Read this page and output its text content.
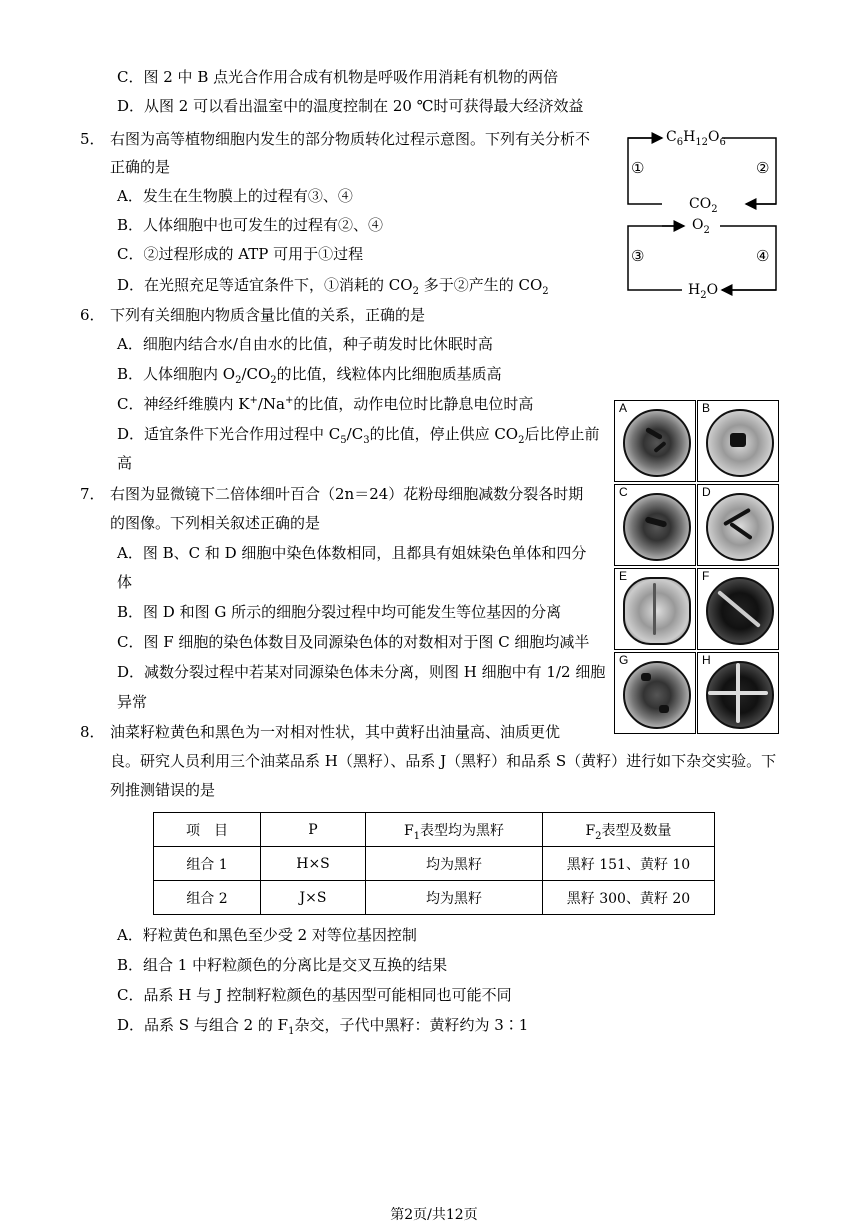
C．图 2 中 B 点光合作用合成有机物是呼吸作用消耗有机物的两倍
D．从图 2 可以看出温室中的温度控制在 20 ℃时可获得最大经济效益
5． 右图为高等植物细胞内发生的部分物质转化过程示意图。下列有关分析不
正确的是
A．发生在生物膜上的过程有③、④
B．人体细胞中也可发生的过程有②、④
C．②过程形成的 ATP 可用于①过程
D．在光照充足等适宜条件下，①消耗的 $CO_2$ 多于②产生的 $CO_2$
$C_6H_{12}O_6$
$CO_2$
$O_2$
$H_2O$
①	②
③	④
6． 下列有关细胞内物质含量比值的关系，正确的是
A．细胞内结合水/自由水的比值，种子萌发时比休眠时高
B．人体细胞内 $O_2/CO_2$的比值，线粒体内比细胞质基质高
C．神经纤维膜内 K+/Na+的比值，动作电位时比静息电位时高
D．适宜条件下光合作用过程中 $C_5/C_3$的比值，停止供应 $CO_2$后比停止前
高
7． 右图为显微镜下二倍体细叶百合（2n＝24）花粉母细胞减数分裂各时期
的图像。下列相关叙述正确的是
A．图 B、C 和 D 细胞中染色体数相同，且都具有姐妹染色单体和四分
体
B．图 D 和图 G 所示的细胞分裂过程中均可能发生等位基因的分离
C．图 F 细胞的染色体数目及同源染色体的对数相对于图 C 细胞均减半
D．减数分裂过程中若某对同源染色体未分离，则图 H 细胞中有 1/2 细胞
异常
A	B
C	D
E	F
G	H
8． 油菜籽粒黄色和黑色为一对相对性状，其中黄籽出油量高、油质更优
良。研究人员利用三个油菜品系 H（黑籽）、品系 J（黑籽）和品系 S（黄籽）进行如下杂交实验。下
列推测错误的是
项　目	P	$F_1$表型均为黑籽	$F_2$表型及数量
组合 1	H×S	均为黑籽	黑籽 151、黄籽 10
组合 2	J×S	均为黑籽	黑籽 300、黄籽 20
A．籽粒黄色和黑色至少受 2 对等位基因控制
B．组合 1 中籽粒颜色的分离比是交叉互换的结果
C．品系 H 与 J 控制籽粒颜色的基因型可能相同也可能不同
D．品系 S 与组合 2 的 $F_1$杂交，子代中黑籽：黄籽约为 3∶1
第2页/共12页
